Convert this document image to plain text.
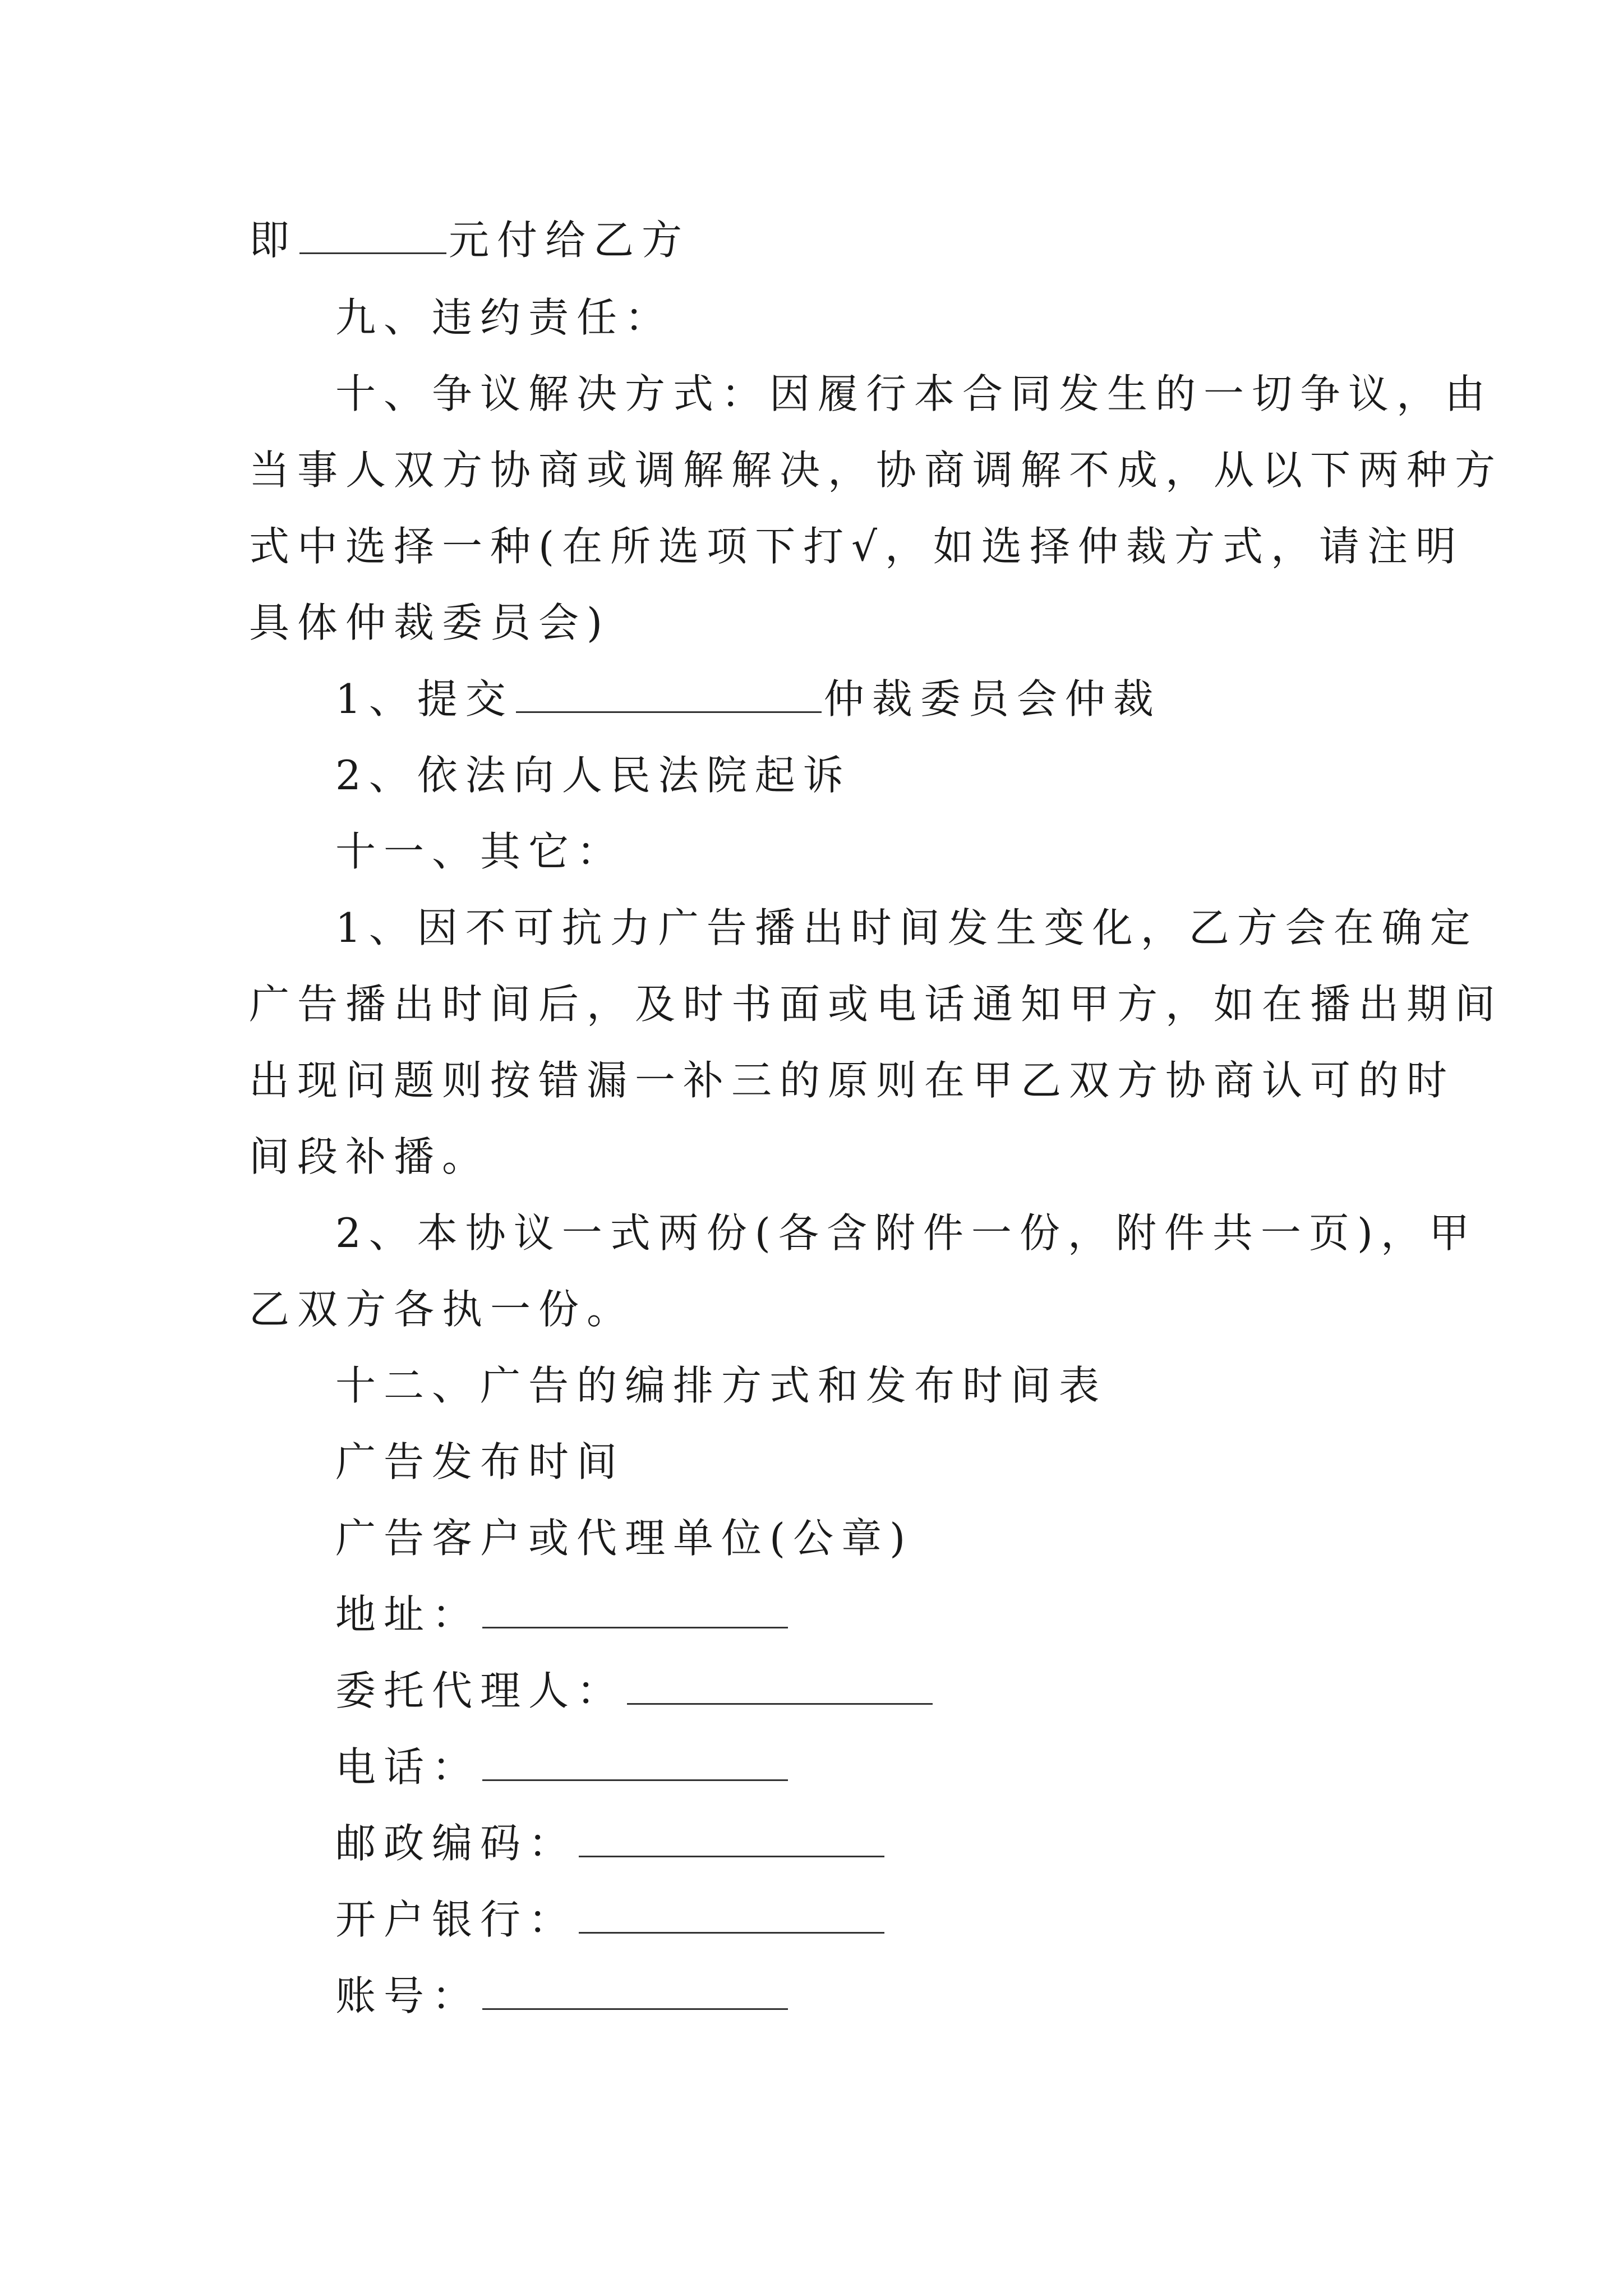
即	元付给乙方
九、违约责任：
十、争议解决方式：因履行本合同发生的一切争议，由
当事人双方协商或调解解决，协商调解不成，从以下两种方
式中选择一种(在所选项下打√，如选择仲裁方式，请注明
具体仲裁委员会)
1、提交	仲裁委员会仲裁
2、依法向人民法院起诉
十一、其它：
1、因不可抗力广告播出时间发生变化，乙方会在确定
广告播出时间后，及时书面或电话通知甲方，如在播出期间
出现问题则按错漏一补三的原则在甲乙双方协商认可的时
间段补播。
2、本协议一式两份(各含附件一份，附件共一页)，甲
乙双方各执一份。
十二、广告的编排方式和发布时间表
广告发布时间
广告客户或代理单位(公章)
地址：
委托代理人：
电话：
邮政编码：
开户银行：
账号：
